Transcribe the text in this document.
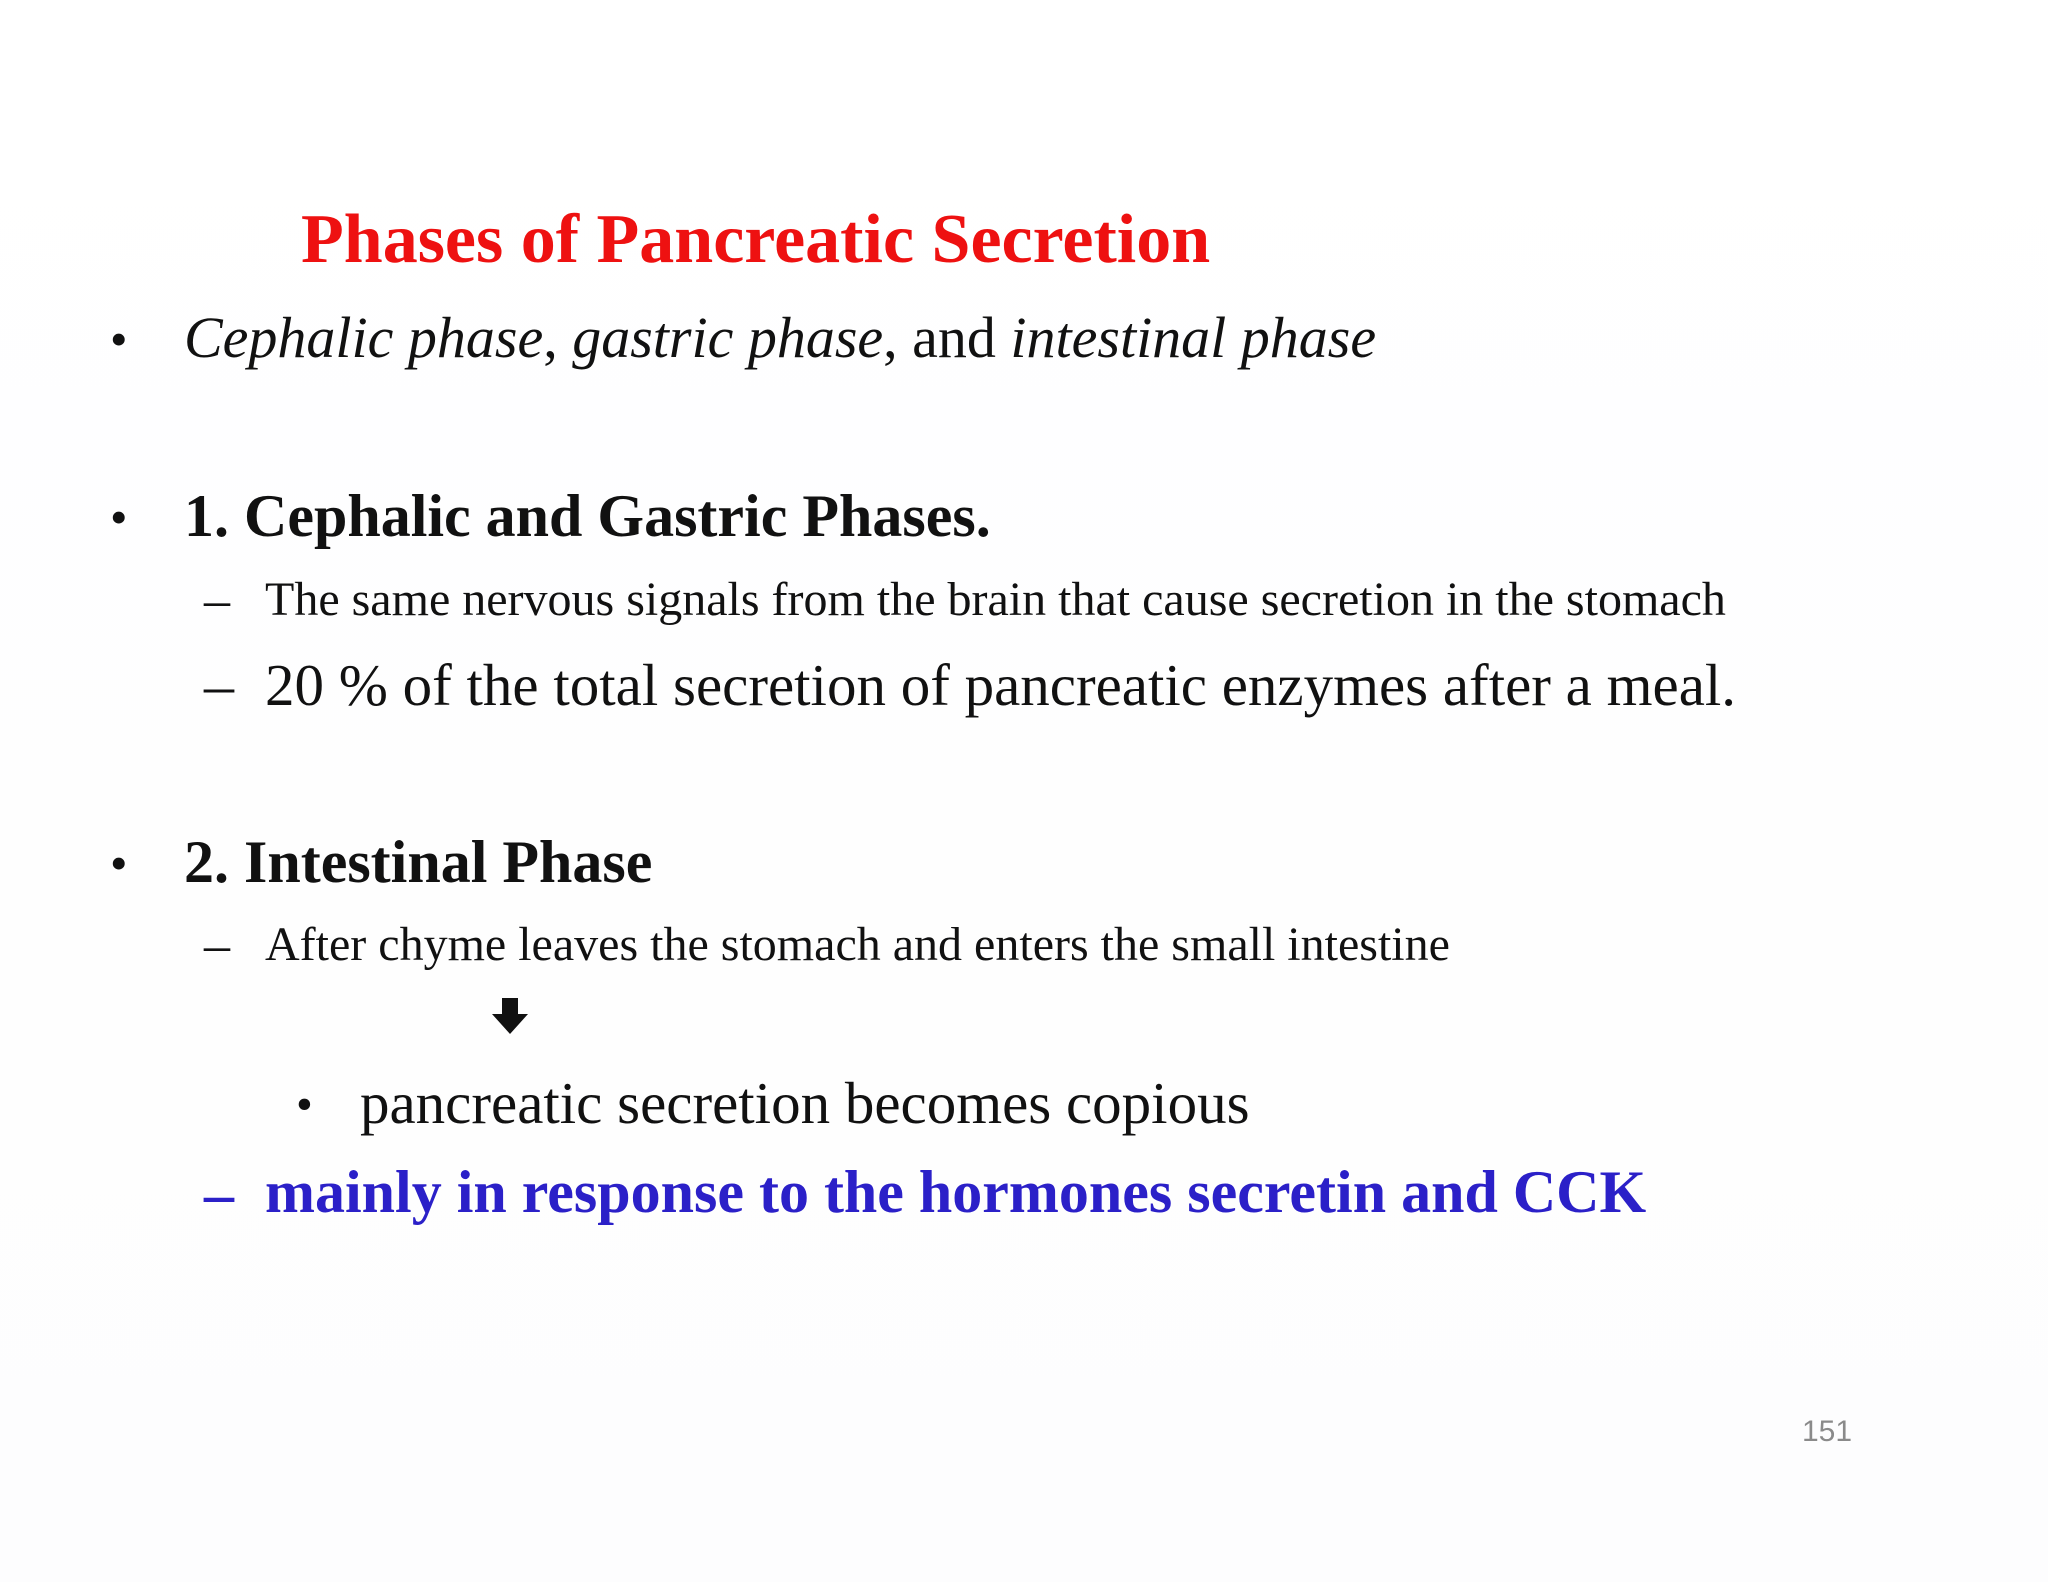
Phases of Pancreatic Secretion
• Cephalic phase, gastric phase, and intestinal phase
• 1. Cephalic and Gastric Phases.
– The same nervous signals from the brain that cause secretion in the stomach
– 20 % of the total secretion of pancreatic enzymes after a meal.
• 2. Intestinal Phase
– After chyme leaves the stomach and enters the small intestine
• pancreatic secretion becomes copious
– mainly in response to the hormones secretin and CCK
151
